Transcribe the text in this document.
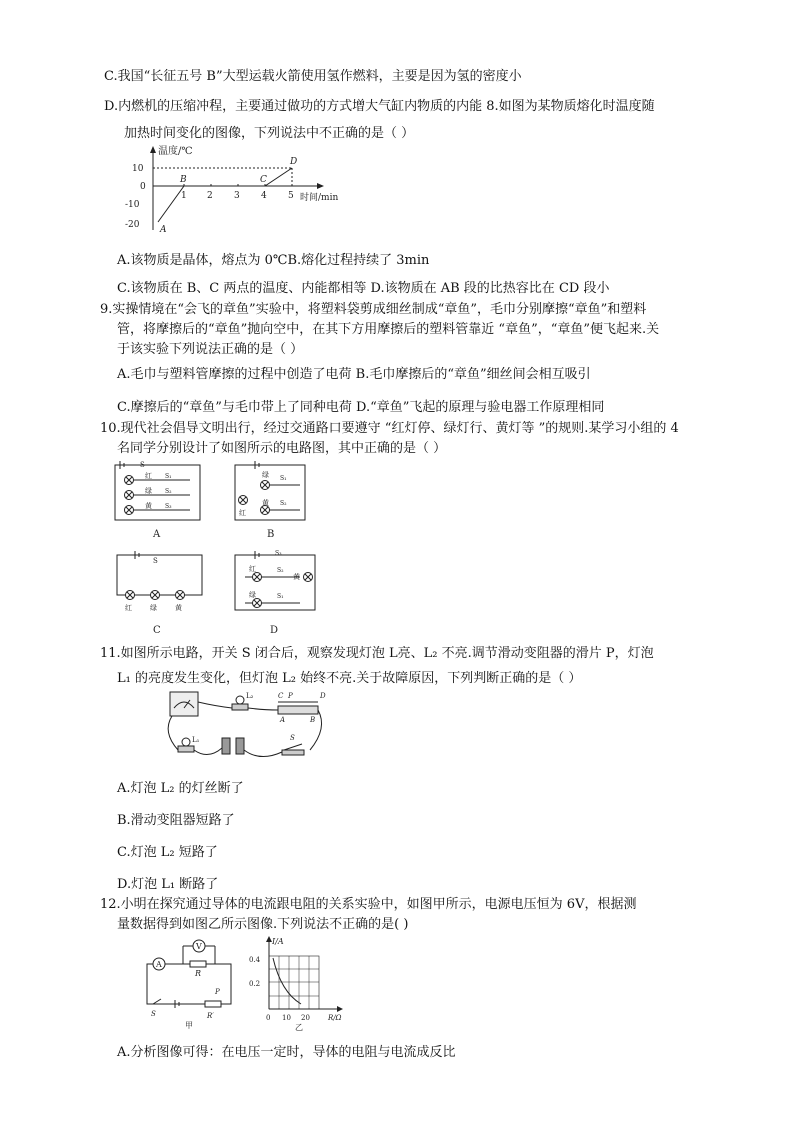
C.我国“长征五号 B”大型运载火箭使用氢作燃料，主要是因为氢的密度小
D.内燃机的压缩冲程，主要通过做功的方式增大气缸内物质的内能 8.如图为某物质熔化时温度随
加热时间变化的图像，下列说法中不正确的是（ ）
温度/℃
时间/min
10
0
-10
-20
1 2 3 4 5
A
B	C
D
A.该物质是晶体，熔点为 0℃B.熔化过程持续了 3min
C.该物质在 B、C 两点的温度、内能都相等 D.该物质在 AB 段的比热容比在 CD 段小
9.实操情境在“会飞的章鱼”实验中，将塑料袋剪成细丝制成“章鱼”，毛巾分别摩擦“章鱼”和塑料
管，将摩擦后的“章鱼”抛向空中，在其下方用摩擦后的塑料管靠近 “章鱼”，“章鱼”便飞起来.关
于该实验下列说法正确的是（ ）
A.毛巾与塑料管摩擦的过程中创造了电荷 B.毛巾摩擦后的“章鱼”细丝间会相互吸引
C.摩擦后的“章鱼”与毛巾带上了同种电荷 D.“章鱼”飞起的原理与验电器工作原理相同
10.现代社会倡导文明出行，经过交通路口要遵守 “红灯停、绿灯行、黄灯等 ”的规则.某学习小组的 4
名同学分别设计了如图所示的电路图，其中正确的是（ ）
S
红
绿
黄
S₁
S₂
S₃
A
红
绿
黄
S₁
S₂
B
S
红	绿	黄
C
S₃
红
黄
S₂
绿	S₁
D
11.如图所示电路，开关 S 闭合后，观察发现灯泡 L亮、L₂ 不亮.调节滑动变阻器的滑片 P，灯泡
L₁ 的亮度发生变化，但灯泡 L₂ 始终不亮.关于故障原因，下列判断正确的是（ ）
L₂	C P	D
A	B
L₁	S
A.灯泡 L₂ 的灯丝断了
B.滑动变阻器短路了
C.灯泡 L₂ 短路了
D.灯泡 L₁ 断路了
12.小明在探究通过导体的电流跟电阻的关系实验中，如图甲所示，电源电压恒为 6V，根据测
量数据得到如图乙所示图像.下列说法不正确的是( )
A
R
V
S
P
R′
甲
I/A
0.4
0.2
0 10 20	R/Ω
乙
A.分析图像可得：在电压一定时，导体的电阻与电流成反比
